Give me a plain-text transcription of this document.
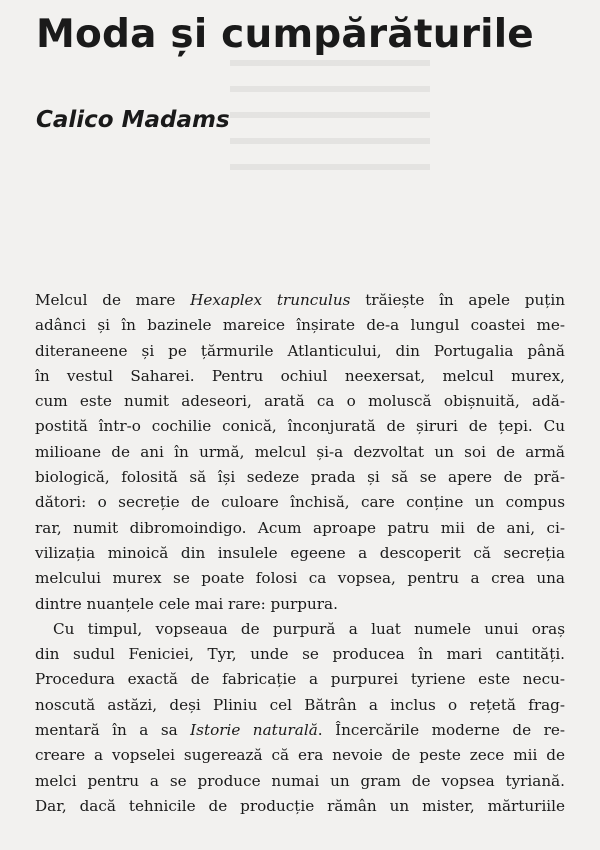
Moda și cumpărăturile
Calico Madams
Melcul de mare Hexaplex trunculus trăiește în apele puțin
adânci și în bazinele mareice înșirate de-a lungul coastei me-
diteraneene și pe țărmurile Atlanticului, din Portugalia până
în vestul Saharei. Pentru ochiul neexersat, melcul murex,
cum este numit adeseori, arată ca o moluscă obișnuită, adă-
postită într-o cochilie conică, înconjurată de șiruri de țepi. Cu
milioane de ani în urmă, melcul și-a dezvoltat un soi de armă
biologică, folosită să își sedeze prada și să se apere de pră-
dători: o secreție de culoare închisă, care conține un compus
rar, numit dibromoindigo. Acum aproape patru mii de ani, ci-
vilizația minoică din insulele egeene a descoperit că secreția
melcului murex se poate folosi ca vopsea, pentru a crea una
dintre nuanțele cele mai rare: purpura.
Cu timpul, vopseaua de purpură a luat numele unui oraș
din sudul Feniciei, Tyr, unde se producea în mari cantități.
Procedura exactă de fabricație a purpurei tyriene este necu-
noscută astăzi, deși Pliniu cel Bătrân a inclus o rețetă frag-
mentară în a sa Istorie naturală. Încercările moderne de re-
creare a vopselei sugerează că era nevoie de peste zece mii de
melci pentru a se produce numai un gram de vopsea tyriană.
Dar, dacă tehnicile de producție rămân un mister, mărturiile
